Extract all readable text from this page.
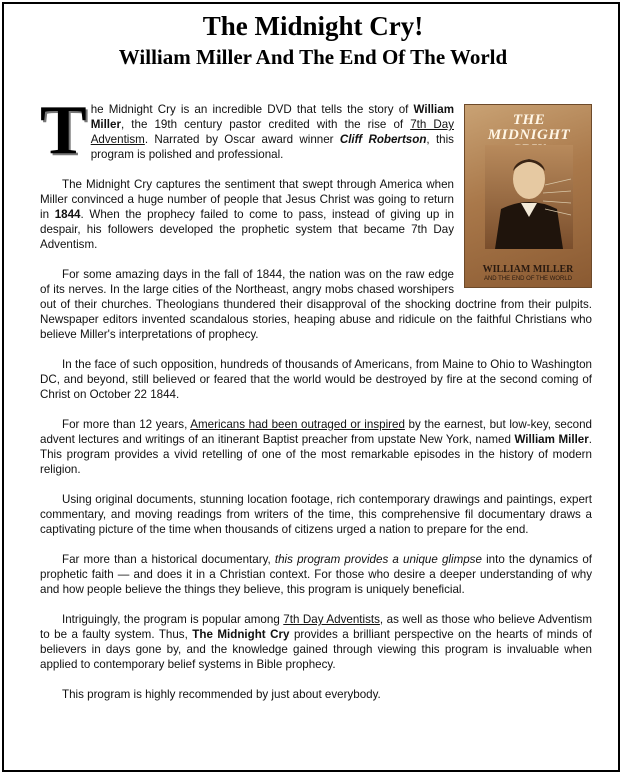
The Midnight Cry!
William Miller And The End Of The World
THE MIDNIGHT
WILLIAM MILLER
AND THE END OF THE WORLD

The Midnight Cry is an incredible DVD that tells the story of William Miller, the 19th century pastor credited with the rise of 7th Day Adventism. Narrated by Oscar award winner Cliff Robertson, this program is polished and professional.

The Midnight Cry captures the sentiment that swept through America when Miller convinced a huge number of people that Jesus Christ was going to return in 1844. When the prophecy failed to come to pass, instead of giving up in despair, his followers developed the prophetic system that became 7th Day Adventism.

For some amazing days in the fall of 1844, the nation was on the raw edge of its nerves. In the large cities of the Northeast, angry mobs chased worshipers out of their churches. Theologians thundered their disapproval of the shocking doctrine from their pulpits. Newspaper editors invented scandalous stories, heaping abuse and ridicule on the faithful Christians who believe Miller's interpretations of prophecy.

In the face of such opposition, hundreds of thousands of Americans, from Maine to Ohio to Washington DC, and beyond, still believed or feared that the world would be destroyed by fire at the second coming of Christ on October 22 1844.

For more than 12 years, Americans had been outraged or inspired by the earnest, but low-key, second advent lectures and writings of an itinerant Baptist preacher from upstate New York, named William Miller. This program provides a vivid retelling of one of the most remarkable episodes in the history of modern religion.

Using original documents, stunning location footage, rich contemporary drawings and paintings, expert commentary, and moving readings from writers of the time, this comprehensive fil documentary draws a captivating picture of the time when thousands of citizens urged a nation to prepare for the end.

Far more than a historical documentary, this program provides a unique glimpse into the dynamics of prophetic faith — and does it in a Christian context. For those who desire a deeper understanding of why and how people believe the things they believe, this program is uniquely beneficial.

Intriguingly, the program is popular among 7th Day Adventists, as well as those who believe Adventism to be a faulty system. Thus, The Midnight Cry provides a brilliant perspective on the hearts of minds of believers in days gone by, and the knowledge gained through viewing this program is invaluable when applied to contemporary belief systems in Bible prophecy.

This program is highly recommended by just about everybody.
